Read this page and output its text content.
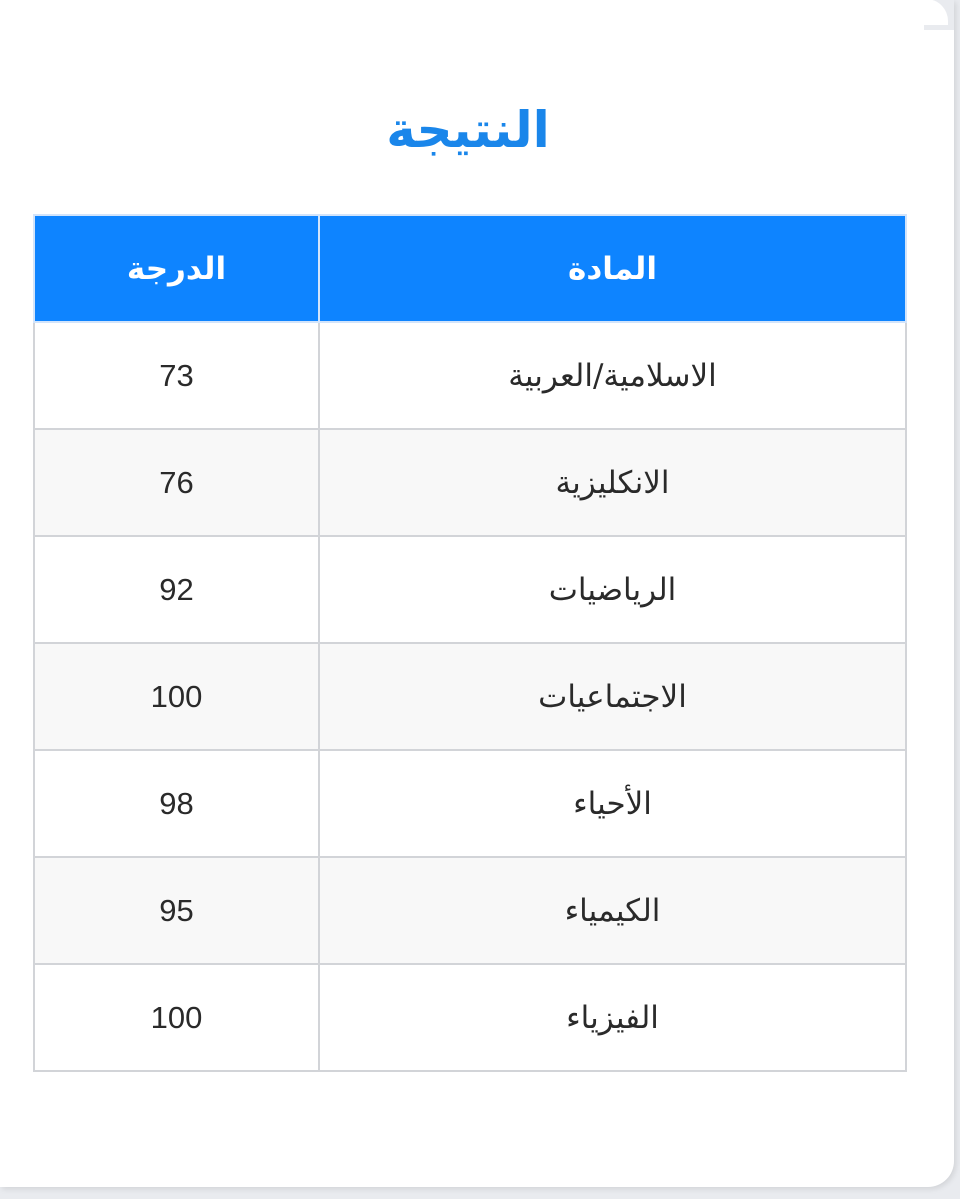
النتيجة
المادة	الدرجة
الاسلامية/العربية	73
الانكليزية	76
الرياضيات	92
الاجتماعيات	100
الأحياء	98
الكيمياء	95
الفيزياء	100
